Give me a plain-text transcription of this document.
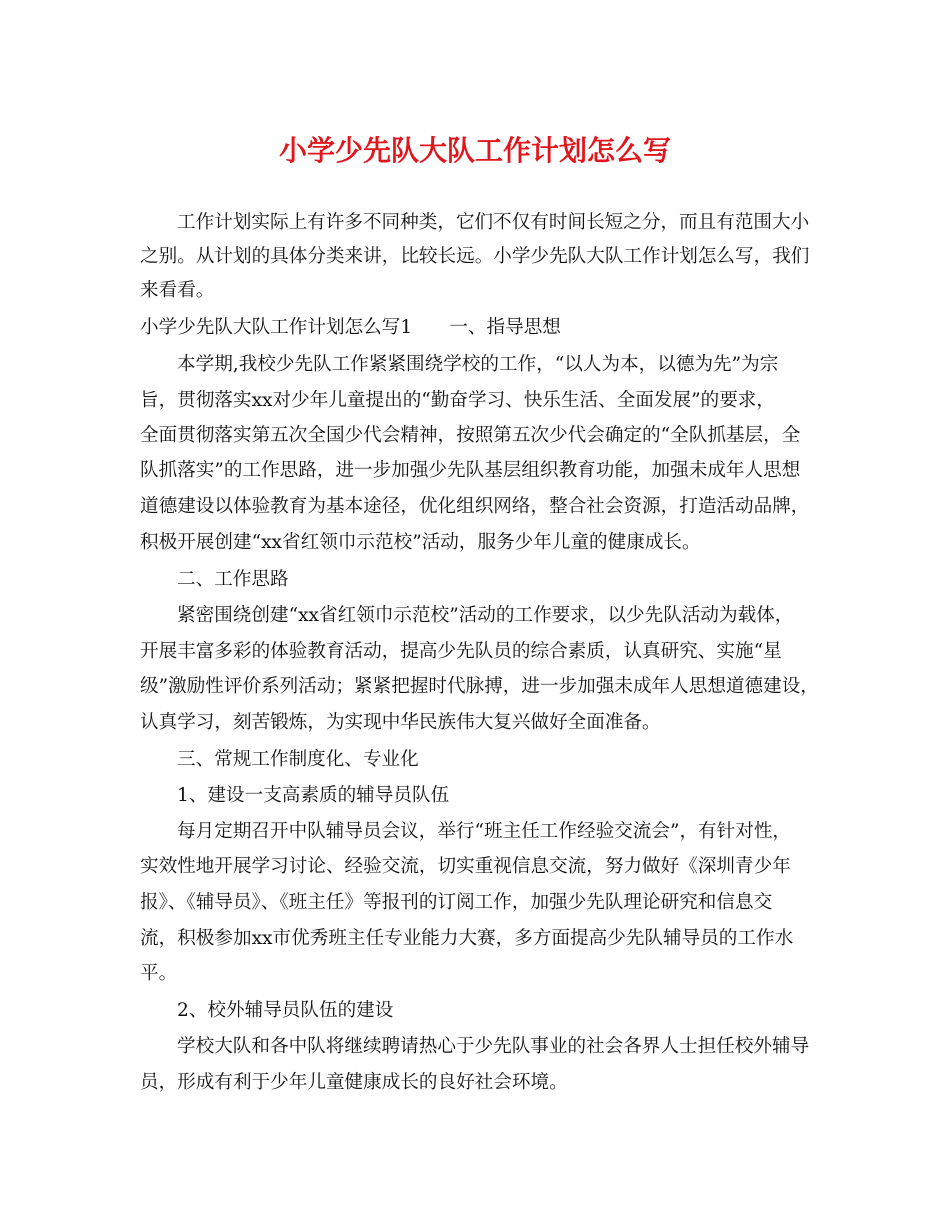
小学少先队大队工作计划怎么写
工作计划实际上有许多不同种类，它们不仅有时间长短之分，而且有范围大小
之别。从计划的具体分类来讲，比较长远。小学少先队大队工作计划怎么写，我们
来看看。
小学少先队大队工作计划怎么写1　　一、指导思想
本学期,我校少先队工作紧紧围绕学校的工作，“以人为本，以德为先”为宗
旨，贯彻落实xx对少年儿童提出的“勤奋学习、快乐生活、全面发展”的要求，
全面贯彻落实第五次全国少代会精神，按照第五次少代会确定的“全队抓基层，全
队抓落实”的工作思路，进一步加强少先队基层组织教育功能，加强未成年人思想
道德建设以体验教育为基本途径，优化组织网络，整合社会资源，打造活动品牌，
积极开展创建“xx省红领巾示范校”活动，服务少年儿童的健康成长。
二、工作思路
紧密围绕创建“xx省红领巾示范校”活动的工作要求，以少先队活动为载体，
开展丰富多彩的体验教育活动，提高少先队员的综合素质，认真研究、实施“星
级”激励性评价系列活动；紧紧把握时代脉搏，进一步加强未成年人思想道德建设，
认真学习，刻苦锻炼，为实现中华民族伟大复兴做好全面准备。
三、常规工作制度化、专业化
1、建设一支高素质的辅导员队伍
每月定期召开中队辅导员会议，举行“班主任工作经验交流会”，有针对性，
实效性地开展学习讨论、经验交流，切实重视信息交流，努力做好《深圳青少年
报》、《辅导员》、《班主任》等报刊的订阅工作，加强少先队理论研究和信息交
流，积极参加xx市优秀班主任专业能力大赛，多方面提高少先队辅导员的工作水
平。
2、校外辅导员队伍的建设
学校大队和各中队将继续聘请热心于少先队事业的社会各界人士担任校外辅导
员，形成有利于少年儿童健康成长的良好社会环境。
